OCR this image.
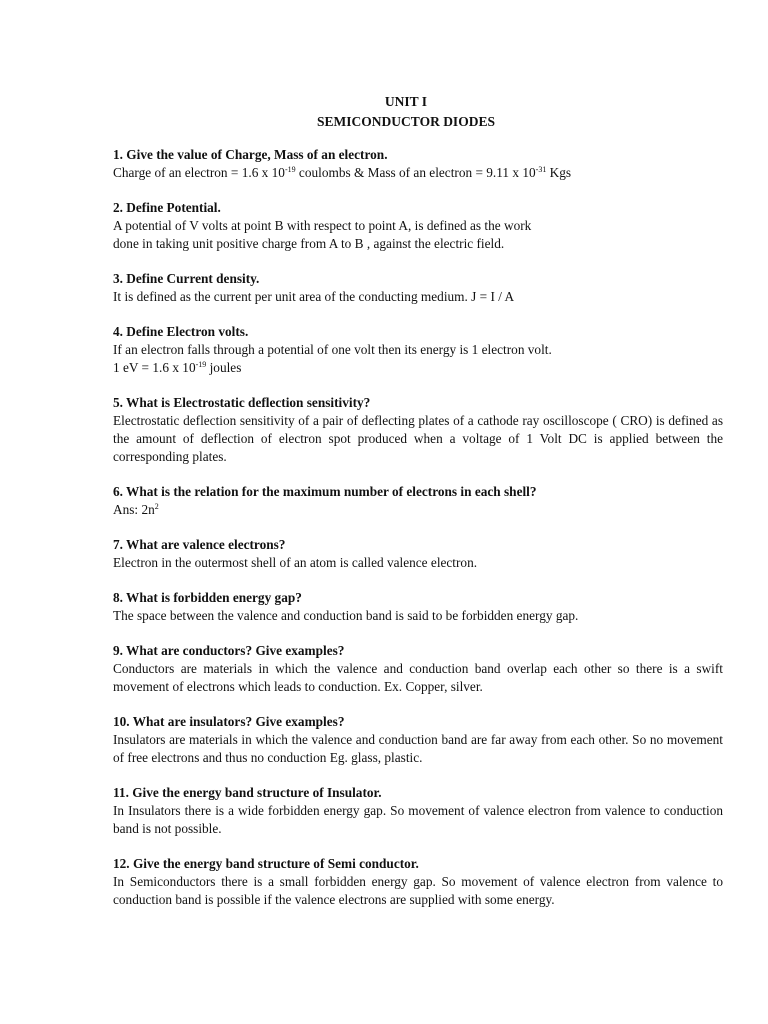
UNIT I
SEMICONDUCTOR DIODES

1. Give the value of Charge, Mass of an electron.

Charge of an electron = 1.6 x $10^{-19}$ coulombs & Mass of an electron = 9.11 x $10^{-31}$ Kgs

2. Define Potential.

A potential of V volts at point B with respect to point A, is defined as the work

done in taking unit positive charge from A to B , against the electric field.

3. Define Current density.

It is defined as the current per unit area of the conducting medium. J = I / A

4. Define Electron volts.

If an electron falls through a potential of one volt then its energy is 1 electron volt.

1 eV = 1.6 x $10^{-19}$ joules

5. What is Electrostatic deflection sensitivity?

Electrostatic deflection sensitivity of a pair of deflecting plates of a cathode ray oscilloscope ( CRO) is defined as the amount of deflection of electron spot produced when a voltage of 1 Volt DC is applied between the corresponding plates.

6. What is the relation for the maximum number of electrons in each shell?

Ans: $2n^2$

7. What are valence electrons?

Electron in the outermost shell of an atom is called valence electron.

8. What is forbidden energy gap?

The space between the valence and conduction band is said to be forbidden energy gap.

9. What are conductors? Give examples?

Conductors are materials in which the valence and conduction band overlap each other so there is a swift movement of electrons which leads to conduction. Ex. Copper, silver.

10. What are insulators? Give examples?

Insulators are materials in which the valence and conduction band are far away from each other. So no movement of free electrons and thus no conduction Eg. glass, plastic.

11. Give the energy band structure of Insulator.

In Insulators there is a wide forbidden energy gap. So movement of valence electron from valence to conduction band is not possible.

12. Give the energy band structure of Semi conductor.

In Semiconductors there is a small forbidden energy gap. So movement of valence electron from valence to conduction band is possible if the valence electrons are supplied with some energy.
